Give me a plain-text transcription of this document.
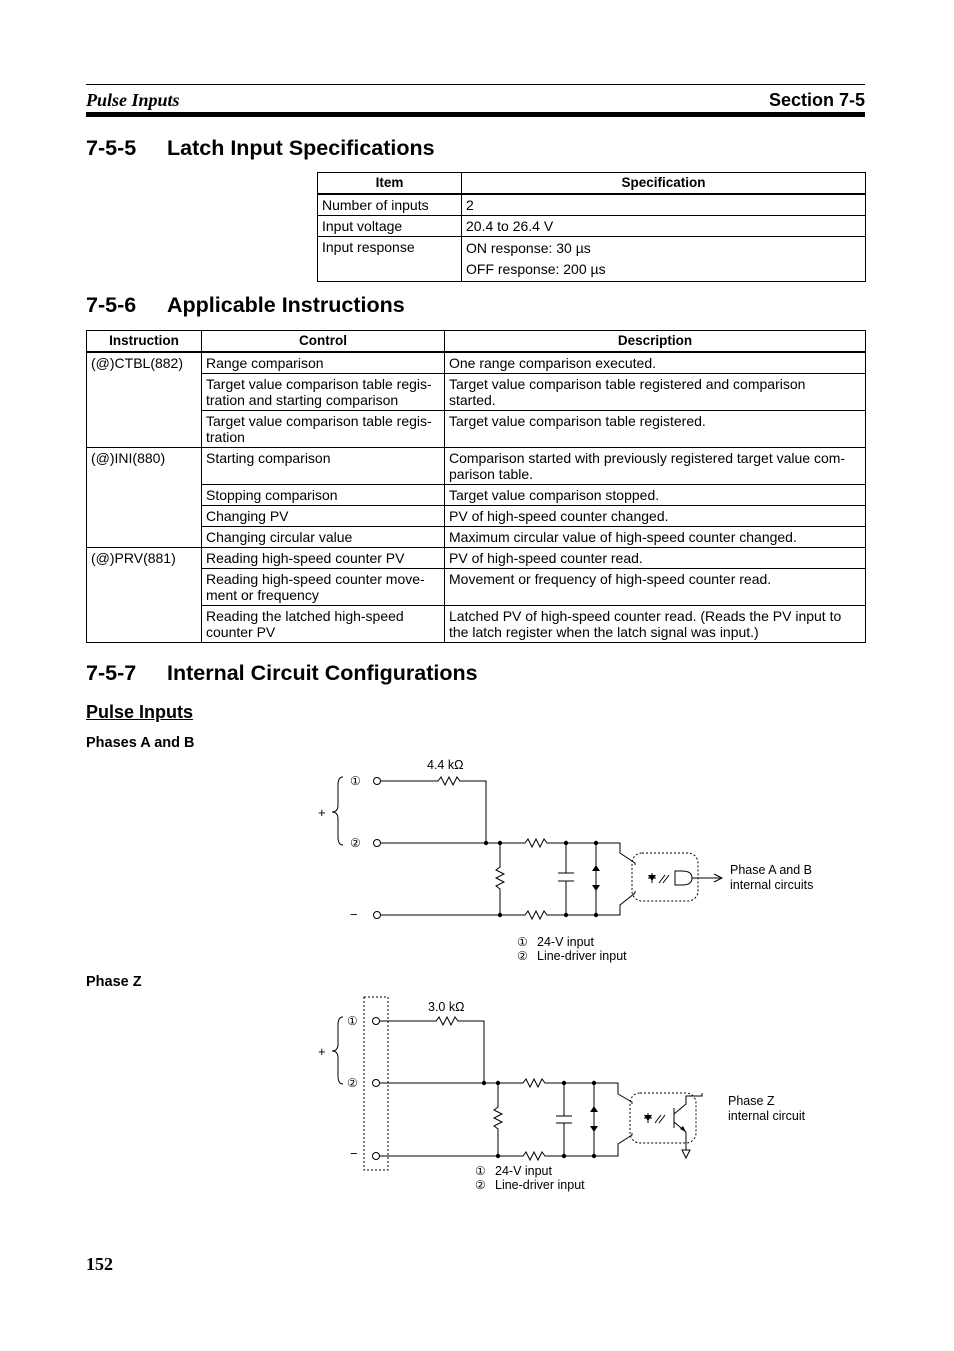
Pulse Inputs	Section 7-5
7-5-5 Latch Input Specifications
Item	Specification
Number of inputs	2
Input voltage	20.4 to 26.4 V
Input response	ON response: 30 µs
OFF response: 200 µs
7-5-6 Applicable Instructions
Instruction	Control	Description
(@)CTBL(882)	Range comparison	One range comparison executed.
	Target value comparison table regis-
tration and starting comparison	Target value comparison table registered and comparison
started.
	Target value comparison table regis-
tration	Target value comparison table registered.
(@)INI(880)	Starting comparison	Comparison started with previously registered target value com-
parison table.
	Stopping comparison	Target value comparison stopped.
	Changing PV	PV of high-speed counter changed.
	Changing circular value	Maximum circular value of high-speed counter changed.
(@)PRV(881)	Reading high-speed counter PV	PV of high-speed counter read.
	Reading high-speed counter move-
ment or frequency	Movement or frequency of high-speed counter read.
	Reading the latched high-speed
counter PV	Latched PV of high-speed counter read. (Reads the PV input to
the latch register when the latch signal was input.)
7-5-7 Internal Circuit Configurations
Pulse Inputs
Phases A and B
4.4 kΩ
①
②
+
−
Phase A and B
internal circuits
① 24-V input
② Line-driver input
Phase Z
3.0 kΩ
①
②
+
−
Phase Z
internal circuit
① 24-V input
② Line-driver input
152
